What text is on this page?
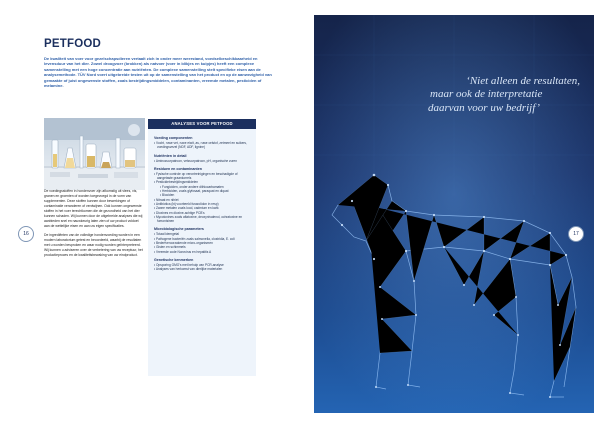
PETFOOD
De kwaliteit van voer voor gezelschapsdieren vertaalt zich in onder meer weerstand, voedselbeschikbaarheid en levensduur van het dier. Zowel droogvoer (brokken) als natvoer (voer in blikjes en kuipjes) heeft een complexe samenstelling met een hoge concentratie aan nutriënten. De complexe samenstelling stelt specifieke eisen aan de analysemethode. TÜV Nord voert uitgebreide testen uit op de samenstelling van het product en op de aanwezigheid van gemaakte of juist ongewenste stoffen, zoals bestrijdingsmiddelen, contaminanten, vreemde metalen, pesticiden of melamine.

De voedingsstoffen in hondenvoer zijn afkomstig uit vlees, vis, granen en groenten of worden toegevoegd in de vorm van supplementen. Deze stoffen kunnen door bewerkingen of contaminatie veranderen of verdwijnen. Ook kunnen ongewenste stoffen in het voer terechtkomen die de gezondheid van het dier kunnen schaden. Wij kunnen door de uitgebreide analyses die wij aanbieden snel en nauwkeurig laten zien of uw product voldoet aan de wettelijke eisen en aan uw eigen specificaties.

De ingrediënten van de volledige hondenvoeding worden in een modern laboratorium getest en beoordeeld, waarbij de resultaten met u worden besproken en waar nodig worden geïnterpreteerd. Wij kunnen u adviseren over de verbetering van uw receptuur, het productieproces en de kwaliteitsbewaking van uw eindproduct.

16
ANALYSES VOOR PETFOOD
Voeding componenten
• Vocht, ruwe vet, ruwe eiwit, as, ruwe celstof, zetmeel en suikers, voedingsvezel (NDF, ADF, lignine)
Nutriënten in detail
• Aminozuurpatroon, vetzuurpatroon, pH, organische zuren
Residuen en contaminanten
• Fysische controle op verontreinigingen en beschadigde of aangetaste graankorrels
• Pesticidebestrijdingsmiddelen
• Fungiciden, onder andere dithiocarbamaten
• Herbiciden, zoals glyfosaat, paraquat en diquat
• Biociden
• Nitraat en nitriet
• Antibiotica (bij voorbeeld furazolidon in resp)
• Zware metalen zoals lood, cadmium en kwik
• Dioxines en dioxine-achtige PCB's
• Mycotoxines zoals aflatoxine, deoxynivalenol, ochratoxine en fumonisinen
Microbiologische parameters
• Totaal kiemgetal
• Pathogene bacteriën zoals salmonella, clostridia, E. coli
• Bederfveroorzakende micro-organismen
• Gisten en schimmels
• Vreemde code Norovirus en hepatitis A
Genetische kenmerken
• Opsporing GMO's met behulp van PCR-analyse
• Analyses van herkomst van dierlijke materialen
‘Niet alleen de resultaten,
maar ook de interpretatie
daarvan voor uw bedrijf’
17
